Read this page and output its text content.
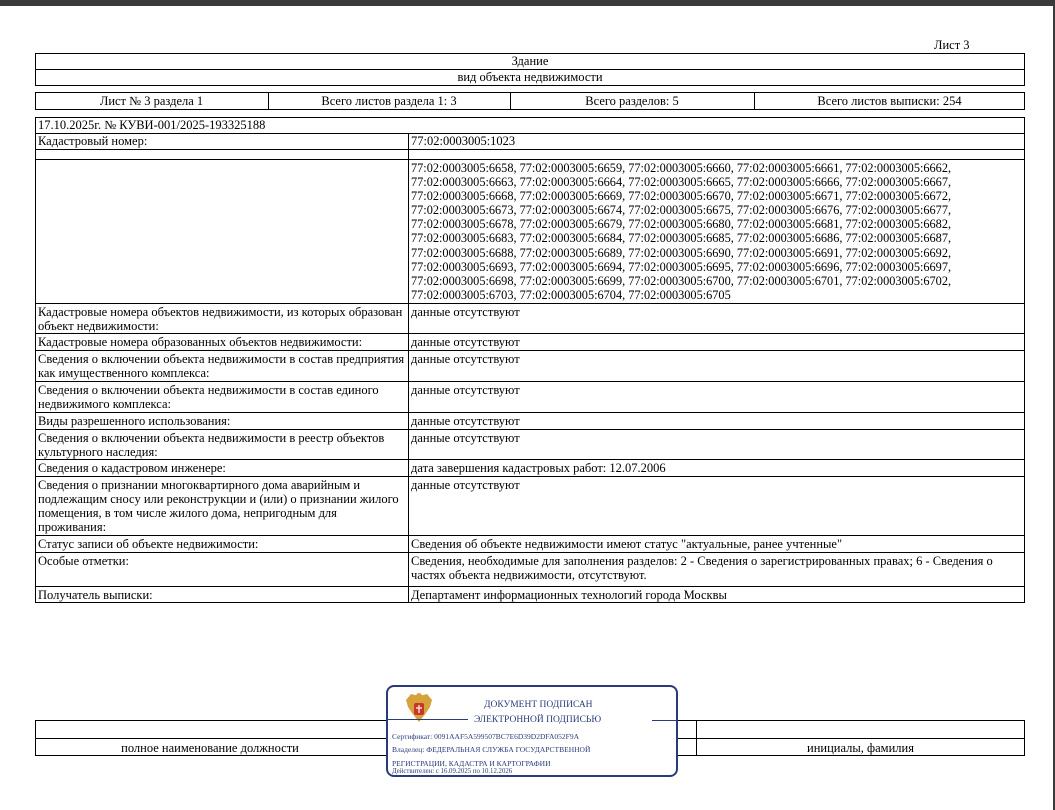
Лист 3
Здание
вид объекта недвижимости
Лист № 3 раздела 1	Всего листов раздела 1: 3	Всего разделов: 5	Всего листов выписки: 254
17.10.2025г. № КУВИ-001/2025-193325188
Кадастровый номер:	77:02:0003005:1023
77:02:0003005:6658, 77:02:0003005:6659, 77:02:0003005:6660, 77:02:0003005:6661, 77:02:0003005:6662,
77:02:0003005:6663, 77:02:0003005:6664, 77:02:0003005:6665, 77:02:0003005:6666, 77:02:0003005:6667,
77:02:0003005:6668, 77:02:0003005:6669, 77:02:0003005:6670, 77:02:0003005:6671, 77:02:0003005:6672,
77:02:0003005:6673, 77:02:0003005:6674, 77:02:0003005:6675, 77:02:0003005:6676, 77:02:0003005:6677,
77:02:0003005:6678, 77:02:0003005:6679, 77:02:0003005:6680, 77:02:0003005:6681, 77:02:0003005:6682,
77:02:0003005:6683, 77:02:0003005:6684, 77:02:0003005:6685, 77:02:0003005:6686, 77:02:0003005:6687,
77:02:0003005:6688, 77:02:0003005:6689, 77:02:0003005:6690, 77:02:0003005:6691, 77:02:0003005:6692,
77:02:0003005:6693, 77:02:0003005:6694, 77:02:0003005:6695, 77:02:0003005:6696, 77:02:0003005:6697,
77:02:0003005:6698, 77:02:0003005:6699, 77:02:0003005:6700, 77:02:0003005:6701, 77:02:0003005:6702,
77:02:0003005:6703, 77:02:0003005:6704, 77:02:0003005:6705
Кадастровые номера объектов недвижимости, из которых образован объект недвижимости:
данные отсутствуют
Кадастровые номера образованных объектов недвижимости:	данные отсутствуют
Сведения о включении объекта недвижимости в состав предприятия как имущественного комплекса:
данные отсутствуют
Сведения о включении объекта недвижимости в состав единого недвижимого комплекса:
данные отсутствуют
Виды разрешенного использования:	данные отсутствуют
Сведения о включении объекта недвижимости в реестр объектов культурного наследия:
данные отсутствуют
Сведения о кадастровом инженере:	дата завершения кадастровых работ: 12.07.2006
Сведения о признании многоквартирного дома аварийным и подлежащим сносу или реконструкции и (или) о признании жилого помещения, в том числе жилого дома, непригодным для проживания:
данные отсутствуют
Статус записи об объекте недвижимости:	Сведения об объекте недвижимости имеют статус "актуальные, ранее учтенные"
Особые отметки:	Сведения, необходимые для заполнения разделов: 2 - Сведения о зарегистрированных правах; 6 - Сведения о частях объекта недвижимости, отсутствуют.
Получатель выписки:	Департамент информационных технологий города Москвы
полное наименование должности	инициалы, фамилия
ДОКУМЕНТ ПОДПИСАН
ЭЛЕКТРОННОЙ ПОДПИСЬЮ
Сертификат: 0091AAF5A599507BC7E6D39D2DFA052F9A
Владелец: ФЕДЕРАЛЬНАЯ СЛУЖБА ГОСУДАРСТВЕННОЙ
РЕГИСТРАЦИИ, КАДАСТРА И КАРТОГРАФИИ
Действителен: с 16.09.2025 по 10.12.2026
